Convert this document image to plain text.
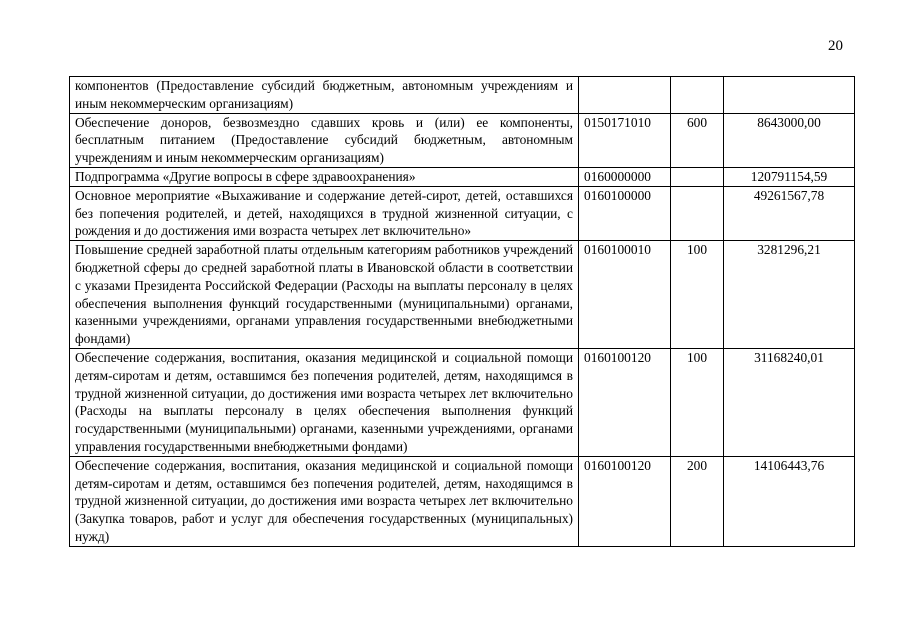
20
компонентов (Предоставление субсидий бюджетным, автономным учреждениям и иным некоммерческим организациям)			
Обеспечение доноров, безвозмездно сдавших кровь и (или) ее компоненты, бесплатным питанием (Предоставление субсидий бюджетным, автономным учреждениям и иным некоммерческим организациям)	0150171010	600	8643000,00
Подпрограмма «Другие вопросы в сфере здравоохранения»	0160000000		120791154,59
Основное мероприятие «Выхаживание и содержание детей-сирот, детей, оставшихся без попечения родителей, и детей, находящихся в трудной жизненной ситуации, с рождения и до достижения ими возраста четырех лет включительно»	0160100000		49261567,78
Повышение средней заработной платы отдельным категориям работников учреждений бюджетной сферы до средней заработной платы в Ивановской области в соответствии с указами Президента Российской Федерации (Расходы на выплаты персоналу в целях обеспечения выполнения функций государственными (муниципальными) органами, казенными учреждениями, органами управления государственными внебюджетными фондами)	0160100010	100	3281296,21
Обеспечение содержания, воспитания, оказания медицинской и социальной помощи детям-сиротам и детям, оставшимся без попечения родителей, детям, находящимся в трудной жизненной ситуации, до достижения ими возраста четырех лет включительно (Расходы на выплаты персоналу в целях обеспечения выполнения функций государственными (муниципальными) органами, казенными учреждениями, органами управления государственными внебюджетными фондами)	0160100120	100	31168240,01
Обеспечение содержания, воспитания, оказания медицинской и социальной помощи детям-сиротам и детям, оставшимся без попечения родителей, детям, находящимся в трудной жизненной ситуации, до достижения ими возраста четырех лет включительно (Закупка товаров, работ и услуг для обеспечения государственных (муниципальных) нужд)	0160100120	200	14106443,76
